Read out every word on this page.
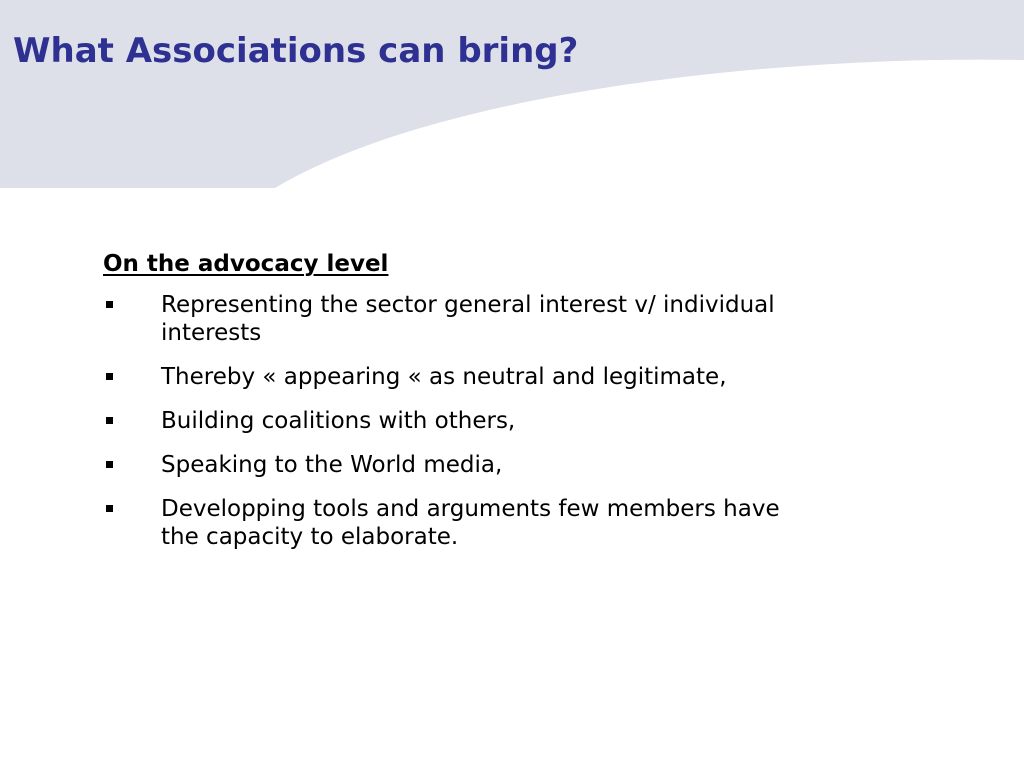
What Associations can bring?
On the advocacy level
Representing the sector general interest v/ individual interests
Thereby « appearing « as neutral and legitimate,
Building coalitions with others,
Speaking to the World media,
Developping tools and arguments few members have the capacity to elaborate.
